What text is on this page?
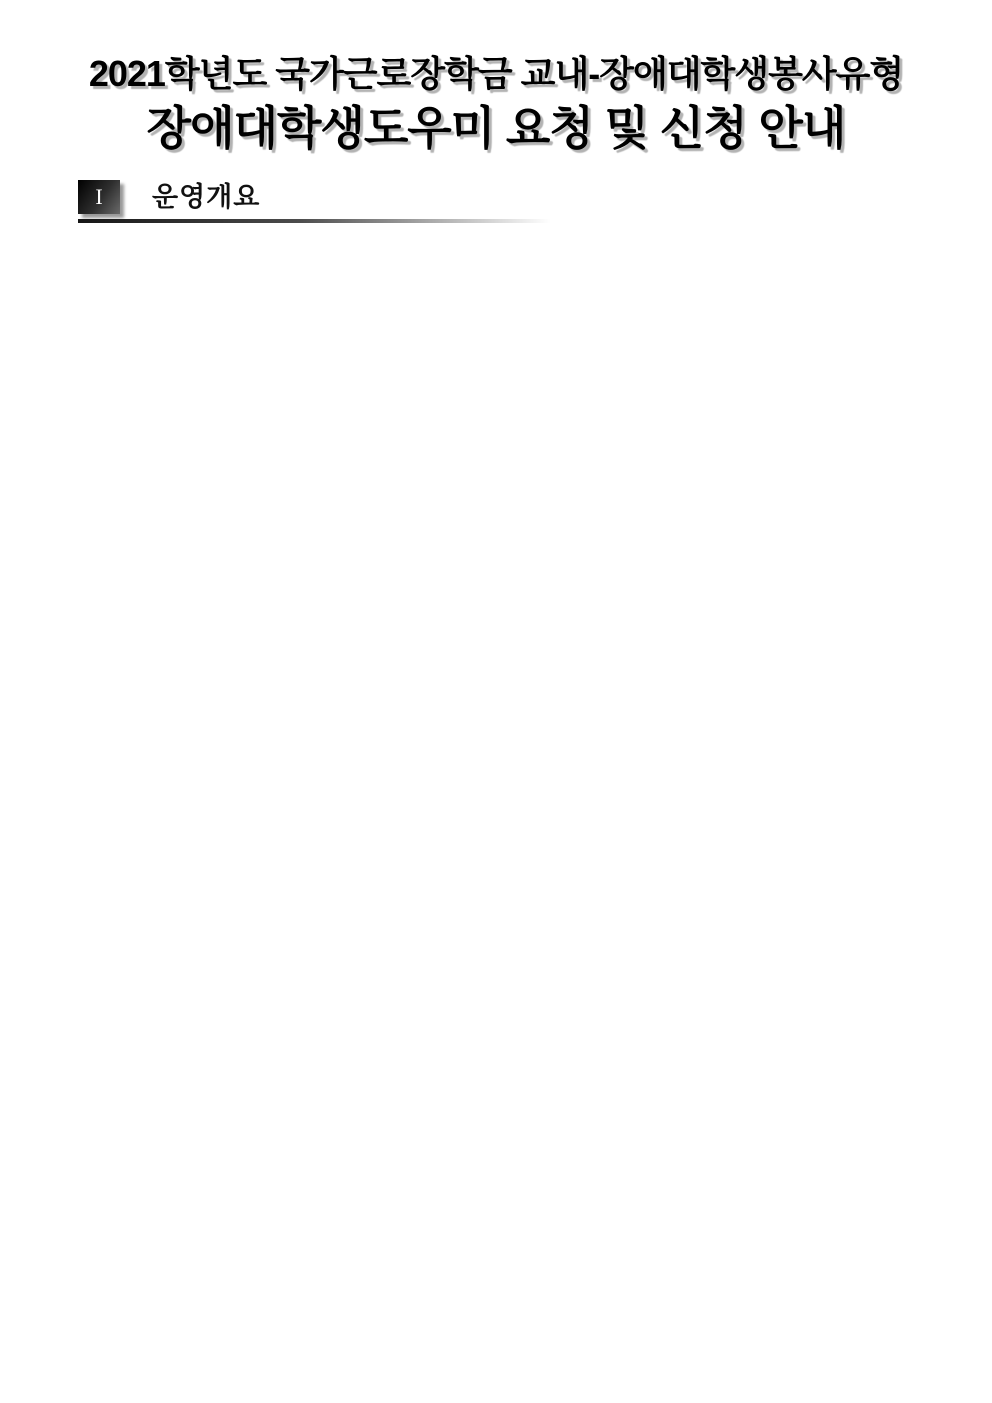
2021학년도 국가근로장학금 교내-장애대학생봉사유형
장애대학생도우미 요청 및 신청 안내
I 운영개요
